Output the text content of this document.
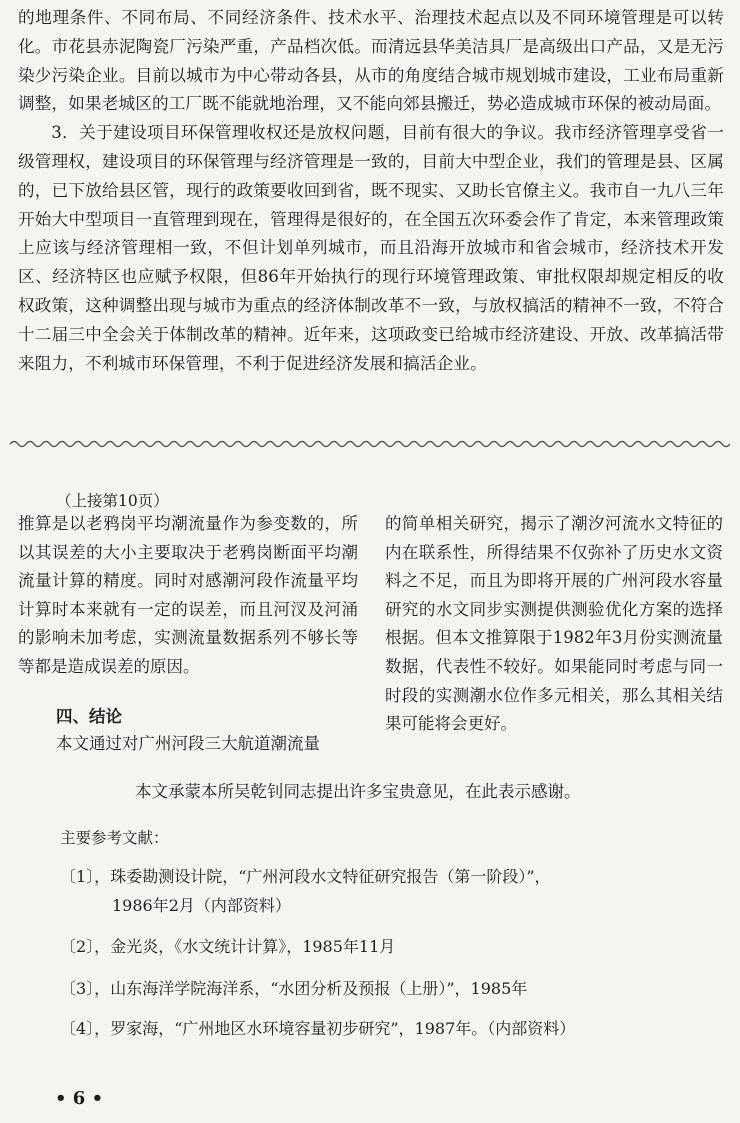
的地理条件、不同布局、不同经济条件、技术水平、治理技术起点以及不同环境管理是可以转化。市花县赤泥陶瓷厂污染严重，产品档次低。而清远县华美洁具厂是高级出口产品，又是无污染少污染企业。目前以城市为中心带动各县，从市的角度结合城市规划城市建设，工业布局重新调整，如果老城区的工厂既不能就地治理，又不能向郊县搬迁，势必造成城市环保的被动局面。

3．关于建设项目环保管理收权还是放权问题，目前有很大的争议。我市经济管理享受省一级管理权，建设项目的环保管理与经济管理是一致的，目前大中型企业，我们的管理是县、区属的，已下放给县区管，现行的政策要收回到省，既不现实、又助长官僚主义。我市自一九八三年开始大中型项目一直管理到现在，管理得是很好的，在全国五次环委会作了肯定，本来管理政策上应该与经济管理相一致，不但计划单列城市，而且沿海开放城市和省会城市，经济技术开发区、经济特区也应赋予权限，但86年开始执行的现行环境管理政策、审批权限却规定相反的收权政策，这种调整出现与城市为重点的经济体制改革不一致，与放权搞活的精神不一致，不符合十二届三中全会关于体制改革的精神。近年来，这项政变已给城市经济建设、开放、改革搞活带来阻力，不利城市环保管理，不利于促进经济发展和搞活企业。

（上接第10页）

推算是以老鸦岗平均潮流量作为参变数的，所以其误差的大小主要取决于老鸦岗断面平均潮流量计算的精度。同时对感潮河段作流量平均计算时本来就有一定的误差，而且河汊及河涌的影响未加考虑，实测流量数据系列不够长等等都是造成误差的原因。

的简单相关研究，揭示了潮汐河流水文特征的内在联系性，所得结果不仅弥补了历史水文资料之不足，而且为即将开展的广州河段水容量研究的水文同步实测提供测验优化方案的选择根据。但本文推算限于1982年3月份实测流量数据，代表性不较好。如果能同时考虑与同一时段的实测潮水位作多元相关，那么其相关结果可能将会更好。

四、结论
本文通过对广州河段三大航道潮流量
本文承蒙本所吴乾钊同志提出许多宝贵意见，在此表示感谢。
主要参考文献：
〔1〕，珠委勘测设计院，“广州河段水文特征研究报告（第一阶段）”，
1986年2月（内部资料）
〔2〕，金光炎，《水文统计计算》，1985年11月
〔3〕，山东海洋学院海洋系，“水团分析及预报（上册）”，1985年
〔4〕，罗家海，“广州地区水环境容量初步研究”，1987年。（内部资料）
• 6 •
